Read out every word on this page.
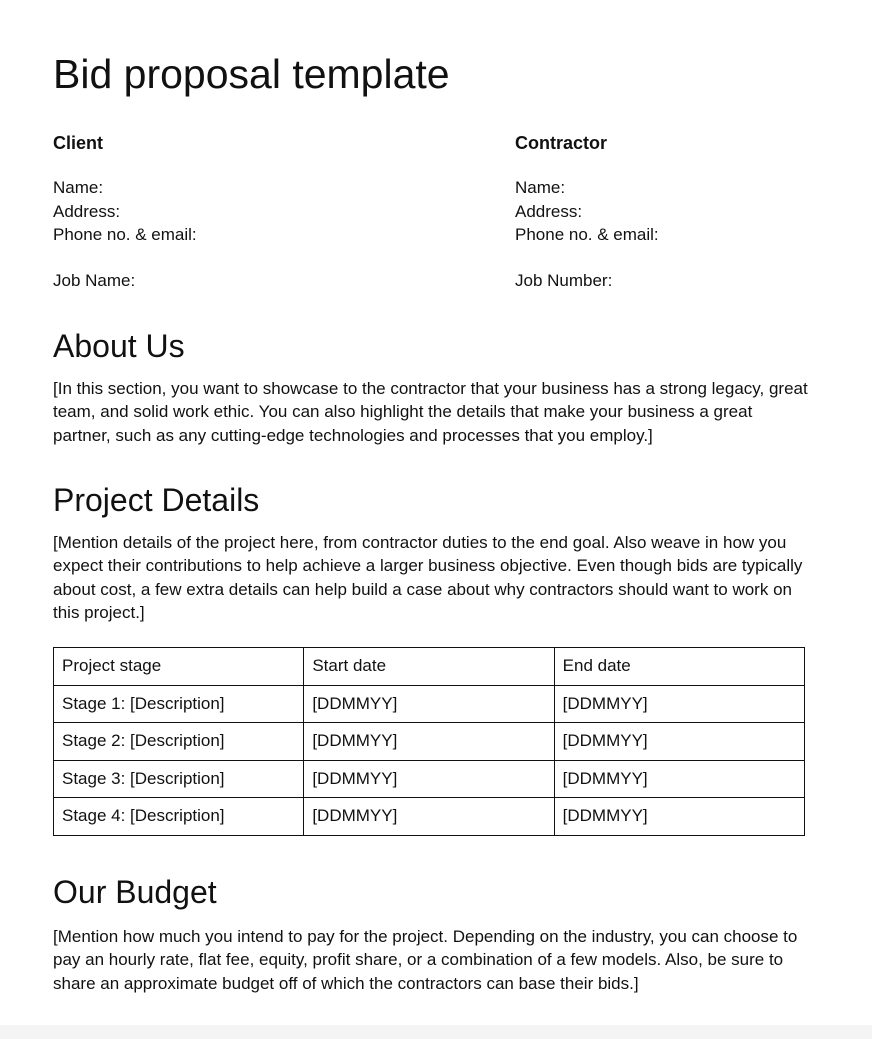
Bid proposal template
Client
Name:
Address:
Phone no. & email:
Job Name:
Contractor
Name:
Address:
Phone no. & email:
Job Number:
About Us

[In this section, you want to showcase to the contractor that your business has a strong legacy, great team, and solid work ethic. You can also highlight the details that make your business a great partner, such as any cutting-edge technologies and processes that you employ.]

Project Details

[Mention details of the project here, from contractor duties to the end goal. Also weave in how you expect their contributions to help achieve a larger business objective. Even though bids are typically about cost, a few extra details can help build a case about why contractors should want to work on this project.]

Project stage	Start date	End date
Stage 1: [Description]	[DDMMYY]	[DDMMYY]
Stage 2: [Description]	[DDMMYY]	[DDMMYY]
Stage 3: [Description]	[DDMMYY]	[DDMMYY]
Stage 4: [Description]	[DDMMYY]	[DDMMYY]
Our Budget

[Mention how much you intend to pay for the project. Depending on the industry, you can choose to pay an hourly rate, flat fee, equity, profit share, or a combination of a few models. Also, be sure to share an approximate budget off of which the contractors can base their bids.]
